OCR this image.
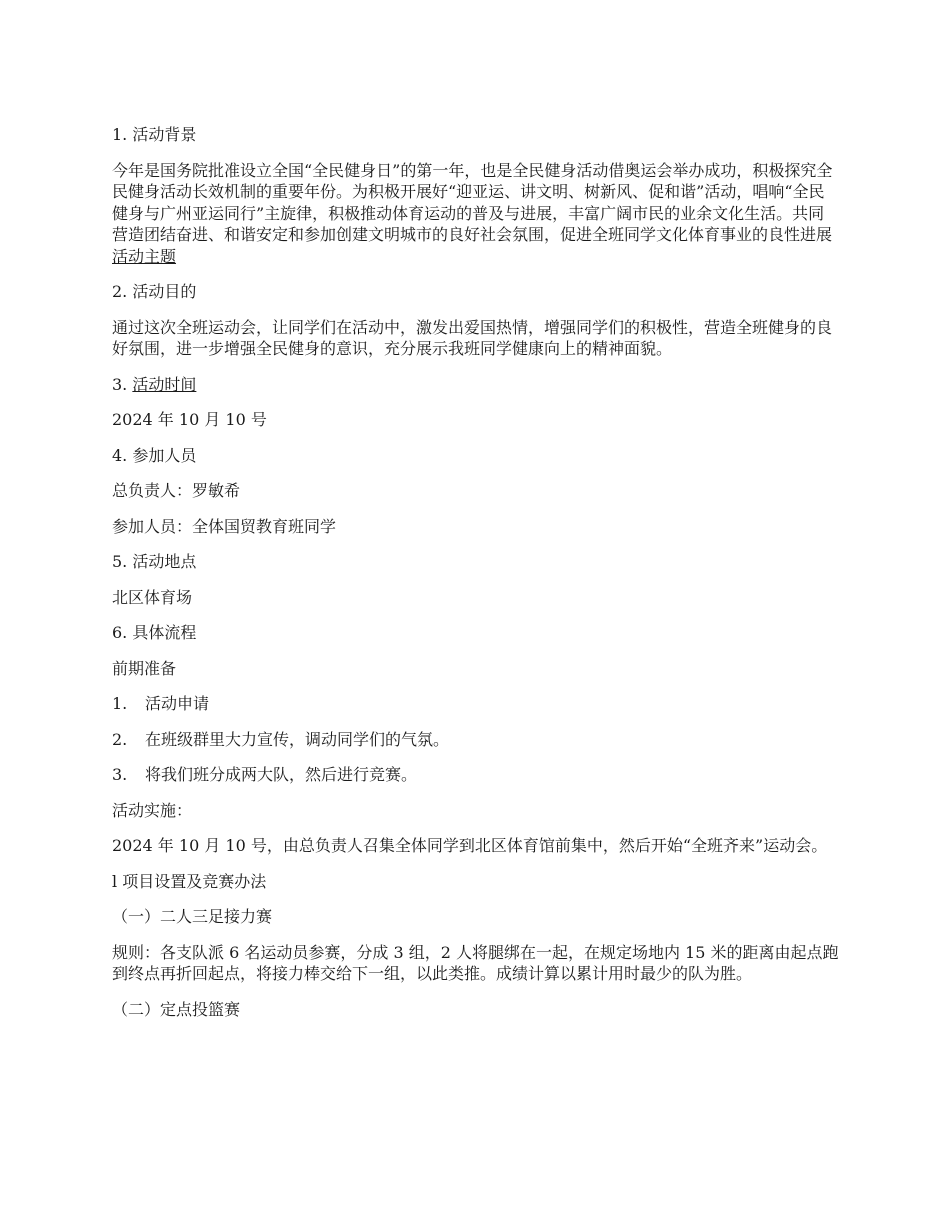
1. 活动背景

今年是国务院批准设立全国“全民健身日”的第一年，也是全民健身活动借奥运会举办成功，积极探究全民健身活动长效机制的重要年份。为积极开展好“迎亚运、讲文明、树新风、促和谐”活动，唱响“全民健身与广州亚运同行”主旋律，积极推动体育运动的普及与进展，丰富广阔市民的业余文化生活。共同营造团结奋进、和谐安定和参加创建文明城市的良好社会氛围，促进全班同学文化体育事业的良性进展活动主题

2. 活动目的

通过这次全班运动会，让同学们在活动中，激发出爱国热情，增强同学们的积极性，营造全班健身的良好氛围，进一步增强全民健身的意识，充分展示我班同学健康向上的精神面貌。

3. 活动时间

2024 年 10 月 10 号

4. 参加人员

总负责人：罗敏希

参加人员：全体国贸教育班同学

5. 活动地点

北区体育场

6. 具体流程

前期准备

1. 活动申请

2. 在班级群里大力宣传，调动同学们的气氛。

3. 将我们班分成两大队，然后进行竞赛。

活动实施：

2024 年 10 月 10 号，由总负责人召集全体同学到北区体育馆前集中，然后开始“全班齐来”运动会。

l 项目设置及竞赛办法

（一）二人三足接力赛

规则：各支队派 6 名运动员参赛，分成 3 组，2 人将腿绑在一起，在规定场地内 15 米的距离由起点跑到终点再折回起点，将接力棒交给下一组，以此类推。成绩计算以累计用时最少的队为胜。

（二）定点投篮赛
